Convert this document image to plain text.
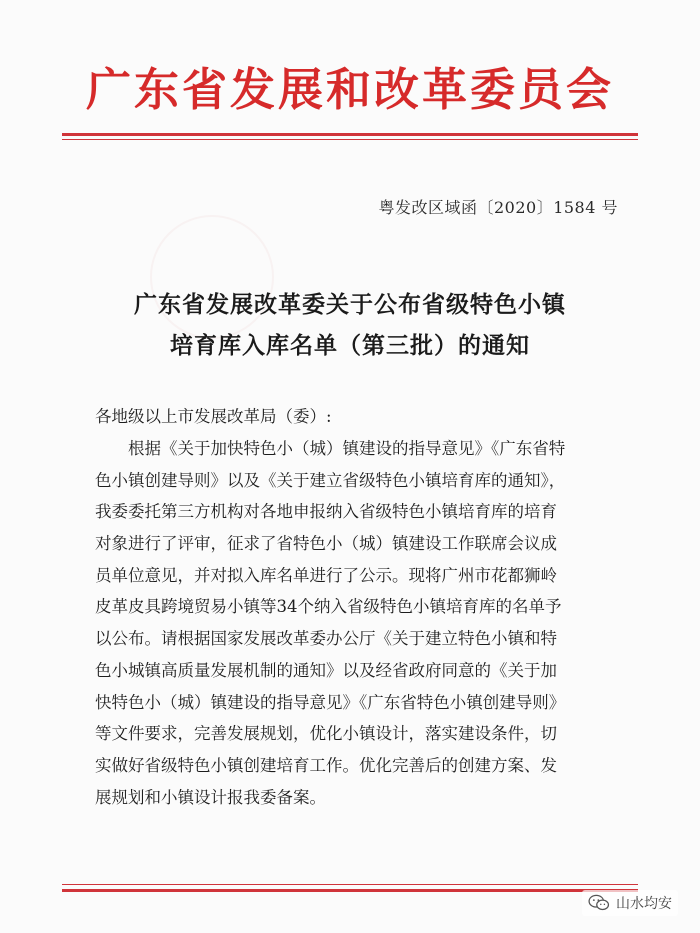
广东省发展和改革委员会
粤发改区域函〔2020〕1584 号
广东省发展改革委关于公布省级特色小镇
培育库入库名单（第三批）的通知
各地级以上市发展改革局（委）:
根据《关于加快特色小（城）镇建设的指导意见》《广东省特
色小镇创建导则》以及《关于建立省级特色小镇培育库的通知》，
我委委托第三方机构对各地申报纳入省级特色小镇培育库的培育
对象进行了评审，征求了省特色小（城）镇建设工作联席会议成
员单位意见，并对拟入库名单进行了公示。现将广州市花都狮岭
皮革皮具跨境贸易小镇等34个纳入省级特色小镇培育库的名单予
以公布。请根据国家发展改革委办公厅《关于建立特色小镇和特
色小城镇高质量发展机制的通知》以及经省政府同意的《关于加
快特色小（城）镇建设的指导意见》《广东省特色小镇创建导则》
等文件要求，完善发展规划，优化小镇设计，落实建设条件，切
实做好省级特色小镇创建培育工作。优化完善后的创建方案、发
展规划和小镇设计报我委备案。
山水均安
